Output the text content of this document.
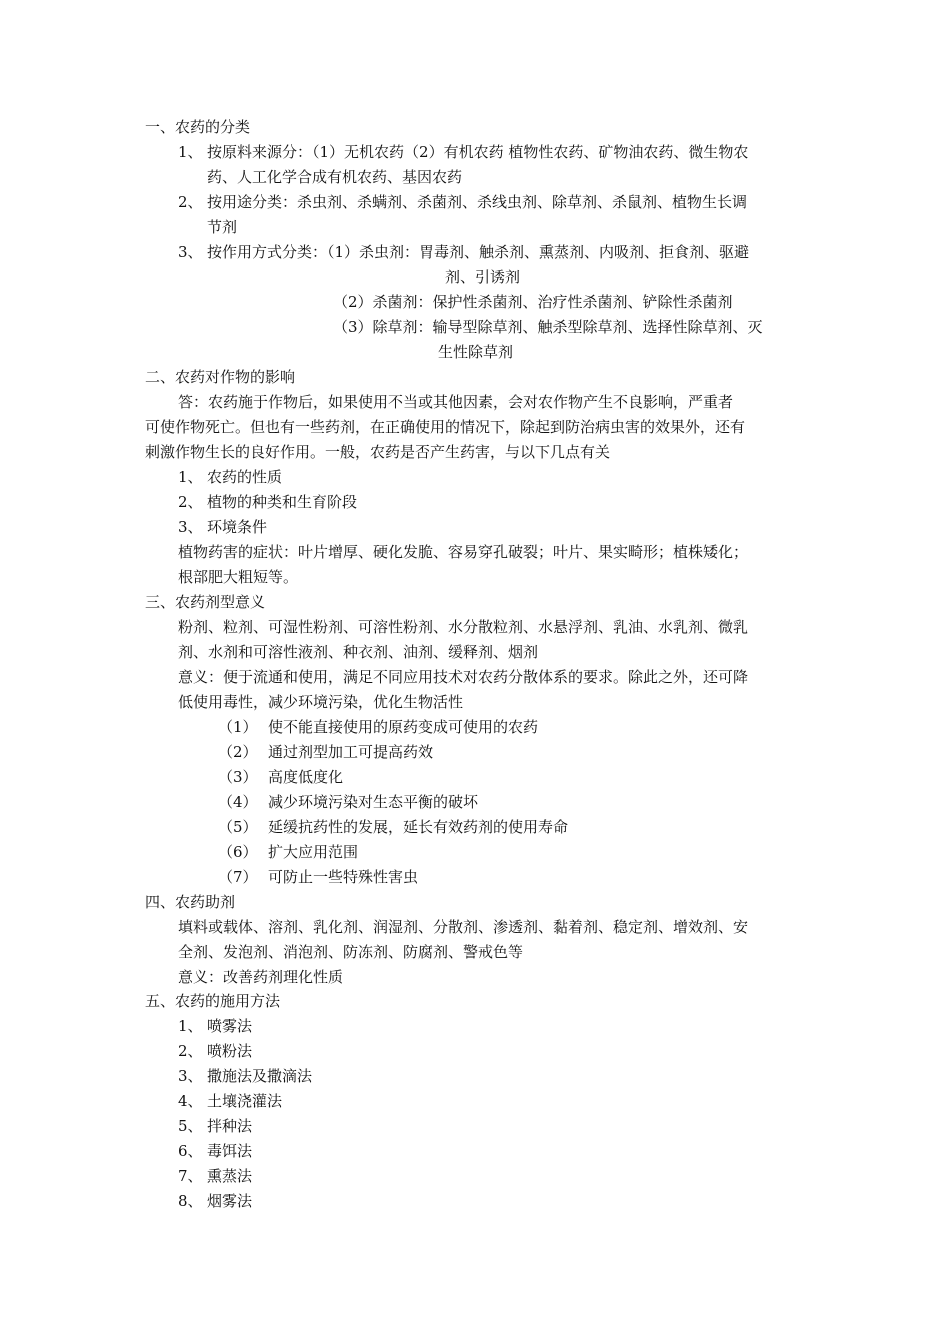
一、农药的分类
1、 按原料来源分：（1）无机农药（2）有机农药 植物性农药、矿物油农药、微生物农
药、人工化学合成有机农药、基因农药
2、 按用途分类：杀虫剂、杀螨剂、杀菌剂、杀线虫剂、除草剂、杀鼠剂、植物生长调
节剂
3、 按作用方式分类：（1）杀虫剂：胃毒剂、触杀剂、熏蒸剂、内吸剂、拒食剂、驱避
剂、引诱剂
（2）杀菌剂：保护性杀菌剂、治疗性杀菌剂、铲除性杀菌剂
（3）除草剂：输导型除草剂、触杀型除草剂、选择性除草剂、灭
生性除草剂
二、农药对作物的影响
答：农药施于作物后，如果使用不当或其他因素，会对农作物产生不良影响，严重者
可使作物死亡。但也有一些药剂，在正确使用的情况下，除起到防治病虫害的效果外，还有
刺激作物生长的良好作用。一般，农药是否产生药害，与以下几点有关
1、 农药的性质
2、 植物的种类和生育阶段
3、 环境条件
植物药害的症状：叶片增厚、硬化发脆、容易穿孔破裂；叶片、果实畸形；植株矮化；
根部肥大粗短等。
三、农药剂型意义
粉剂、粒剂、可湿性粉剂、可溶性粉剂、水分散粒剂、水悬浮剂、乳油、水乳剂、微乳
剂、水剂和可溶性液剂、种衣剂、油剂、缓释剂、烟剂
意义：便于流通和使用，满足不同应用技术对农药分散体系的要求。除此之外，还可降
低使用毒性，减少环境污染，优化生物活性
（1） 使不能直接使用的原药变成可使用的农药
（2） 通过剂型加工可提高药效
（3） 高度低度化
（4） 减少环境污染对生态平衡的破坏
（5） 延缓抗药性的发展，延长有效药剂的使用寿命
（6） 扩大应用范围
（7） 可防止一些特殊性害虫
四、农药助剂
填料或载体、溶剂、乳化剂、润湿剂、分散剂、渗透剂、黏着剂、稳定剂、增效剂、安
全剂、发泡剂、消泡剂、防冻剂、防腐剂、警戒色等
意义：改善药剂理化性质
五、农药的施用方法
1、 喷雾法
2、 喷粉法
3、 撒施法及撒滴法
4、 土壤浇灌法
5、 拌种法
6、 毒饵法
7、 熏蒸法
8、 烟雾法
